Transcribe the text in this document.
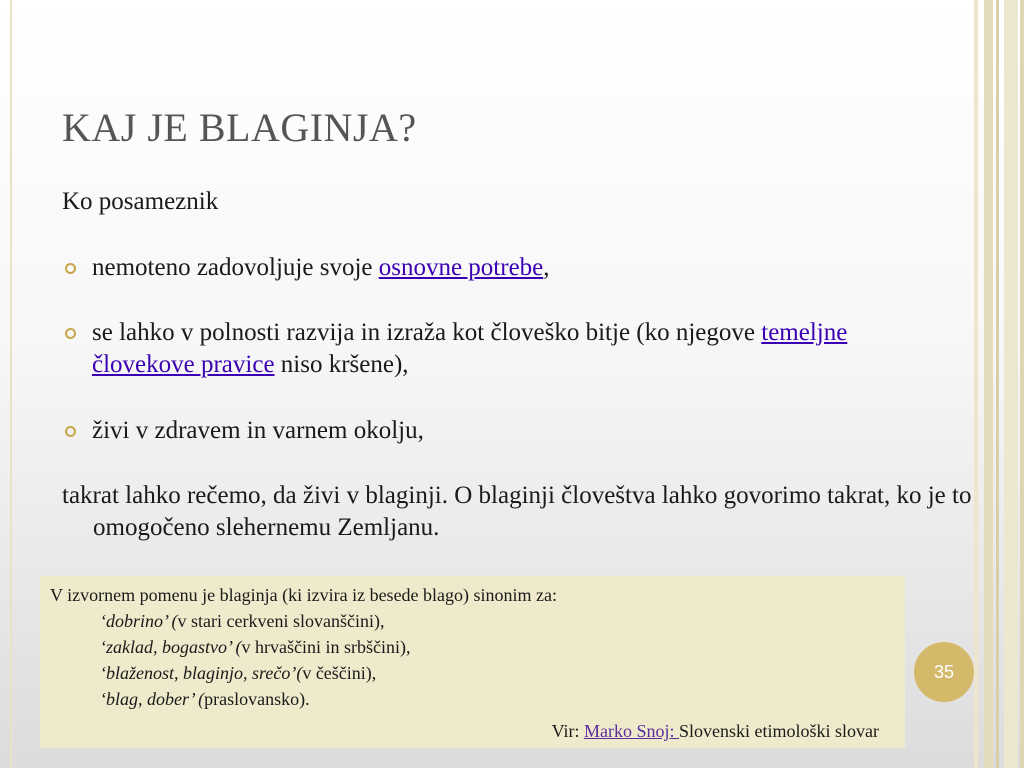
KAJ JE BLAGINJA?
Ko posameznik
nemoteno zadovoljuje svoje osnovne potrebe,
se lahko v polnosti razvija in izraža kot človeško bitje (ko njegove temeljne človekove pravice niso kršene),
živi v zdravem in varnem okolju,
takrat lahko rečemo, da živi v blaginji. O blaginji človeštva lahko govorimo takrat, ko je to omogočeno slehernemu Zemljanu.
V izvornem pomenu je blaginja (ki izvira iz besede blago) sinonim za:
‘dobrino’ (v stari cerkveni slovanščini),
‘zaklad, bogastvo’ (v hrvaščini in srbščini),
‘blaženost, blaginjo, srečo’(v češčini),
‘blag, dober’ (praslovansko).
Vir: Marko Snoj: Slovenski etimološki slovar
35
